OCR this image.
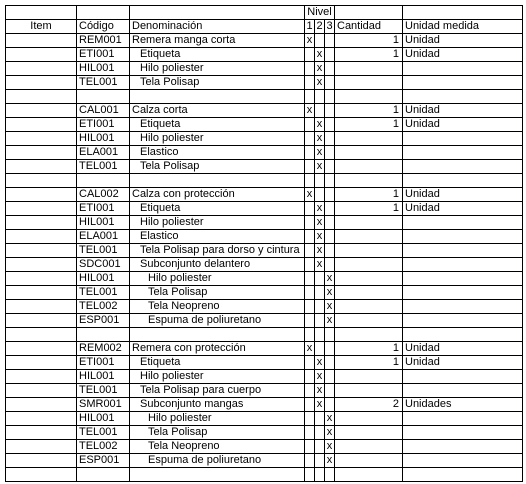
			Nivel				
Item	Código	Denominación	1	2	3	Cantidad	Unidad medida
	REM001	Remera manga corta	x			1	Unidad
	ETI001	Etiqueta		x		1	Unidad
	HIL001	Hilo poliester		x			
	TEL001	Tela Polisap		x			

	CAL001	Calza corta	x			1	Unidad
	ETI001	Etiqueta		x		1	Unidad
	HIL001	Hilo poliester		x			
	ELA001	Elastico		x			
	TEL001	Tela Polisap		x			

	CAL002	Calza con protección	x			1	Unidad
	ETI001	Etiqueta		x		1	Unidad
	HIL001	Hilo poliester		x			
	ELA001	Elastico		x			
	TEL001	Tela Polisap para dorso y cintura		x			
	SDC001	Subconjunto delantero		x			
	HIL001	Hilo poliester			x		
	TEL001	Tela Polisap			x		
	TEL002	Tela Neopreno			x		
	ESP001	Espuma de poliuretano			x		

	REM002	Remera con protección	x			1	Unidad
	ETI001	Etiqueta		x		1	Unidad
	HIL001	Hilo poliester		x			
	TEL001	Tela Polisap para cuerpo		x			
	SMR001	Subconjunto mangas		x		2	Unidades
	HIL001	Hilo poliester			x		
	TEL001	Tela Polisap			x		
	TEL002	Tela Neopreno			x		
	ESP001	Espuma de poliuretano			x		
